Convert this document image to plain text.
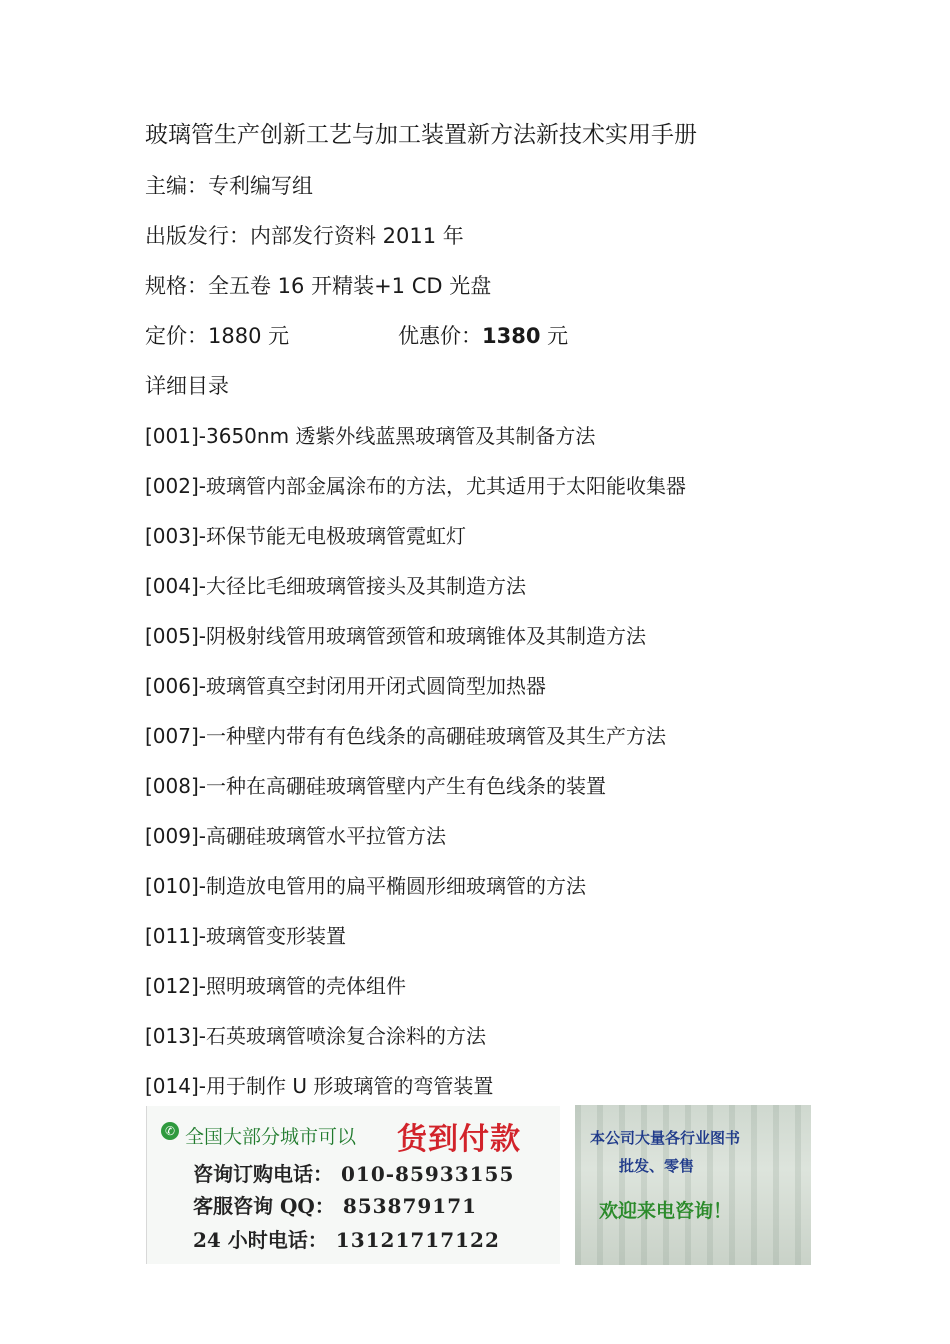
玻璃管生产创新工艺与加工装置新方法新技术实用手册
主编：专利编写组
出版发行：内部发行资料 2011 年
规格：全五卷 16 开精装+1 CD 光盘
定价：1880 元	优惠价：1380 元
详细目录
[001]-3650nm 透紫外线蓝黑玻璃管及其制备方法
[002]-玻璃管内部金属涂布的方法，尤其适用于太阳能收集器
[003]-环保节能无电极玻璃管霓虹灯
[004]-大径比毛细玻璃管接头及其制造方法
[005]-阴极射线管用玻璃管颈管和玻璃锥体及其制造方法
[006]-玻璃管真空封闭用开闭式圆筒型加热器
[007]-一种壁内带有有色线条的高硼硅玻璃管及其生产方法
[008]-一种在高硼硅玻璃管壁内产生有色线条的装置
[009]-高硼硅玻璃管水平拉管方法
[010]-制造放电管用的扁平椭圆形细玻璃管的方法
[011]-玻璃管变形装置
[012]-照明玻璃管的壳体组件
[013]-石英玻璃管喷涂复合涂料的方法
[014]-用于制作 U 形玻璃管的弯管装置
✆ 全国大部分城市可以 货到付款
咨询订购电话： 010-85933155
客服咨询 QQ： 853879171
24 小时电话： 13121717122
本公司大量各行业图书
批发、零售
欢迎来电咨询！
